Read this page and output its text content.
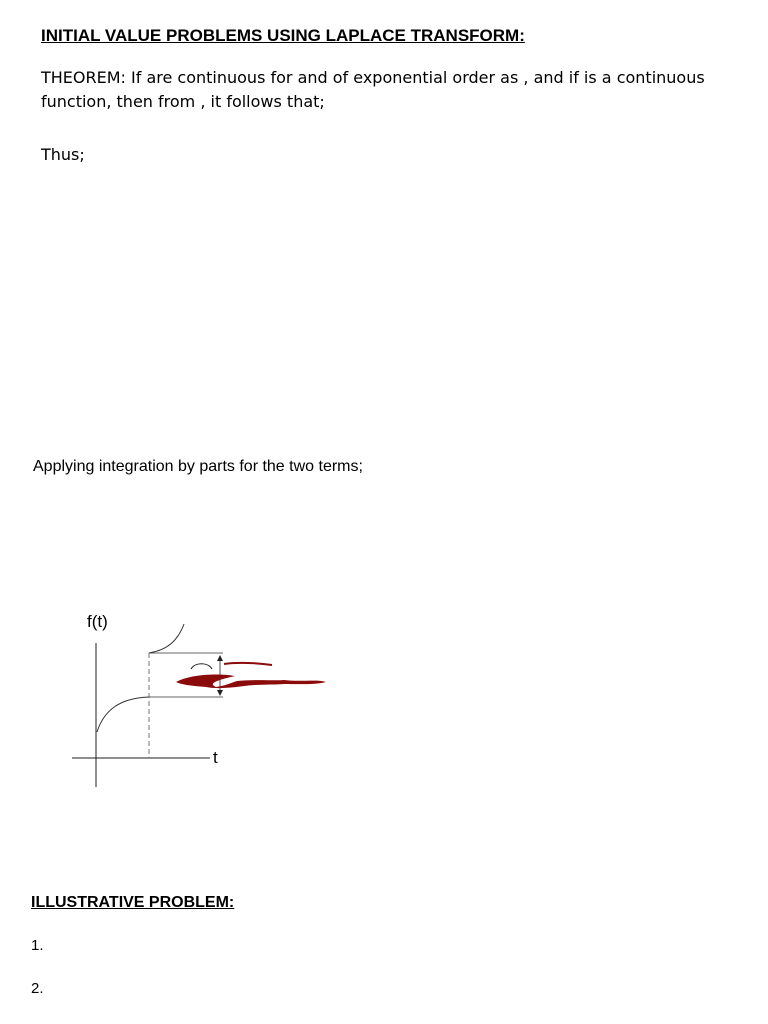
INITIAL VALUE PROBLEMS USING LAPLACE TRANSFORM:
THEOREM: If are continuous for and of exponential order as , and if is a continuous
function, then from , it follows that;
Thus;
Applying integration by parts for the two terms;
f(t)
t
ILLUSTRATIVE PROBLEM:
1.
2.
